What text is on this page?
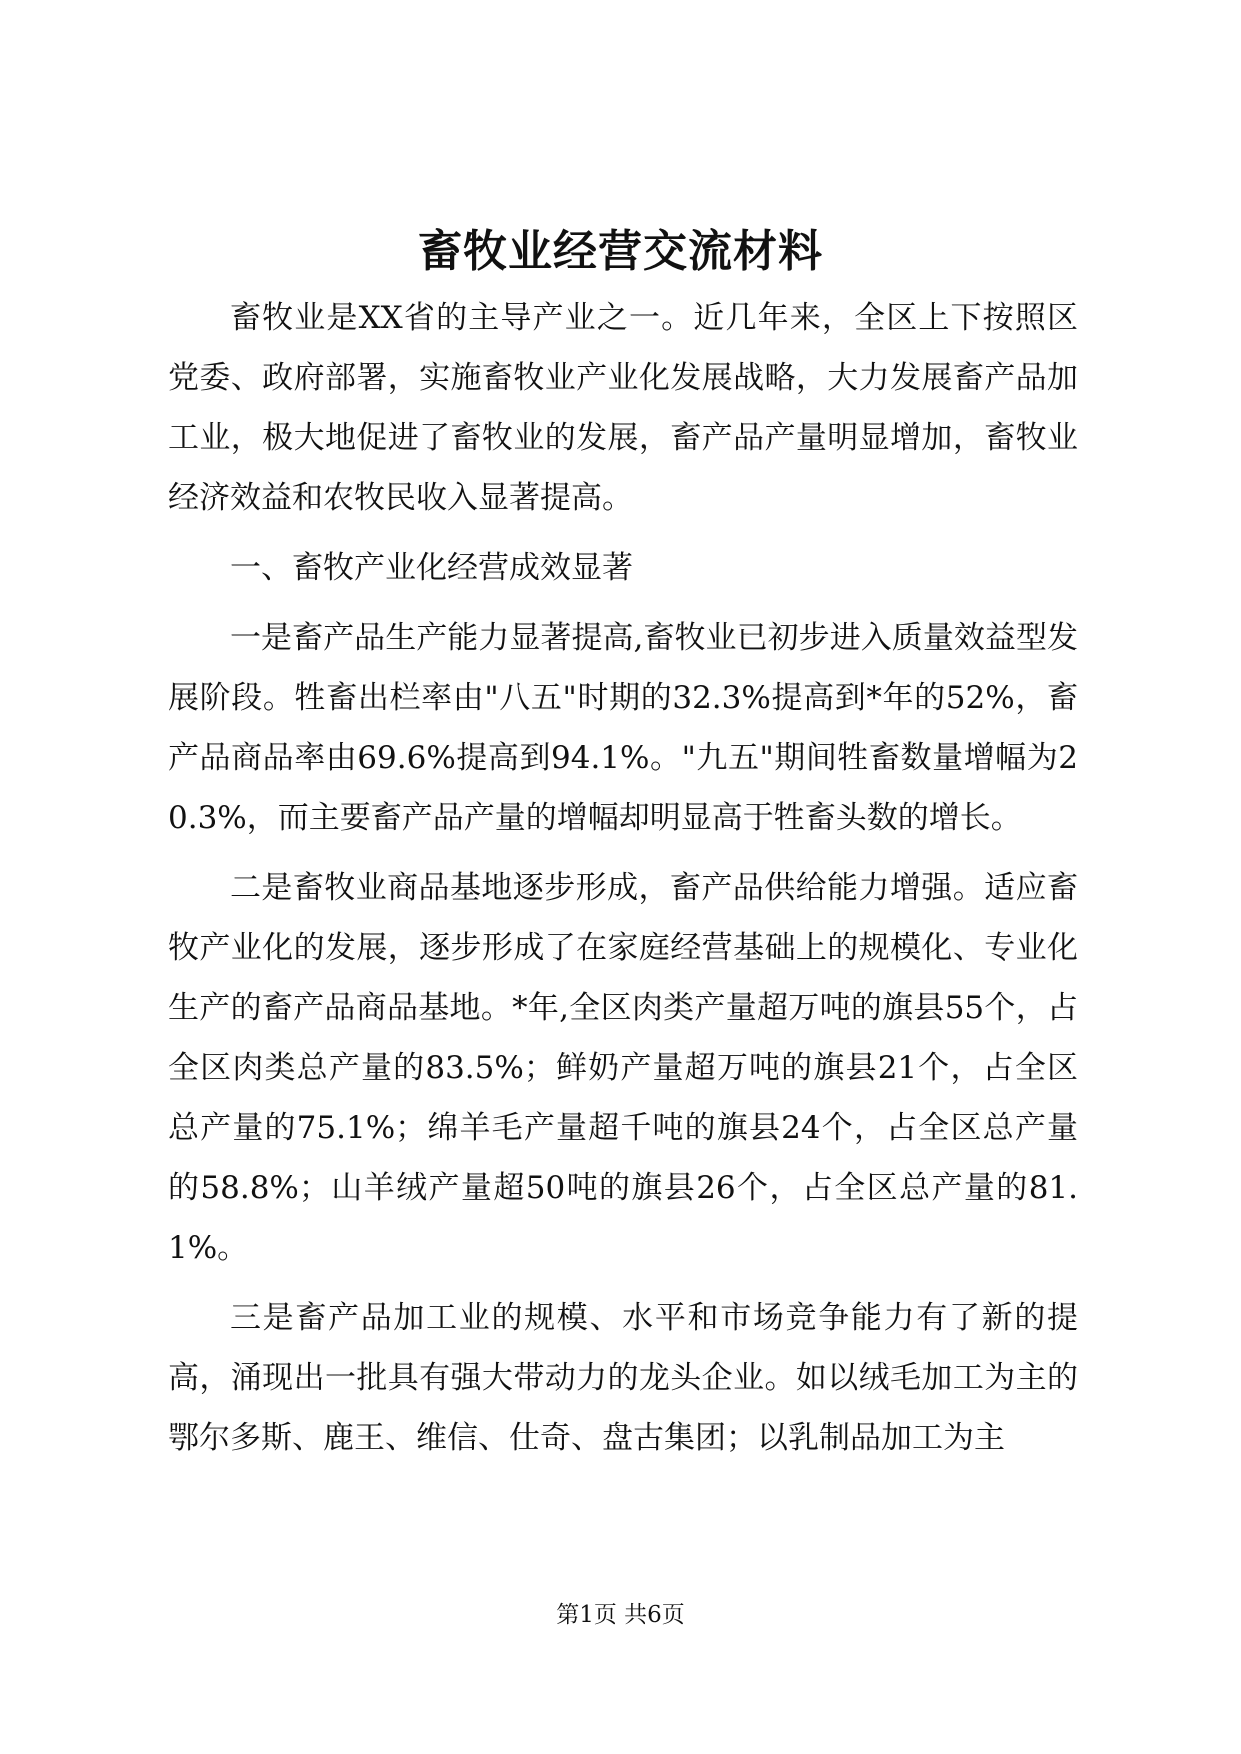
畜牧业经营交流材料

畜牧业是XX省的主导产业之一。近几年来，全区上下按照区党委、政府部署，实施畜牧业产业化发展战略，大力发展畜产品加工业，极大地促进了畜牧业的发展，畜产品产量明显增加，畜牧业经济效益和农牧民收入显著提高。

一、畜牧产业化经营成效显著

一是畜产品生产能力显著提高,畜牧业已初步进入质量效益型发展阶段。牲畜出栏率由"八五"时期的32.3%提高到*年的52%，畜产品商品率由69.6%提高到94.1%。"九五"期间牲畜数量增幅为20.3%，而主要畜产品产量的增幅却明显高于牲畜头数的增长。

二是畜牧业商品基地逐步形成，畜产品供给能力增强。适应畜牧产业化的发展，逐步形成了在家庭经营基础上的规模化、专业化生产的畜产品商品基地。*年,全区肉类产量超万吨的旗县55个，占全区肉类总产量的83.5%；鲜奶产量超万吨的旗县21个，占全区总产量的75.1%；绵羊毛产量超千吨的旗县24个，占全区总产量的58.8%；山羊绒产量超50吨的旗县26个，占全区总产量的81.1%。

三是畜产品加工业的规模、水平和市场竞争能力有了新的提高，涌现出一批具有强大带动力的龙头企业。如以绒毛加工为主的鄂尔多斯、鹿王、维信、仕奇、盘古集团；以乳制品加工为主

第1页 共6页
